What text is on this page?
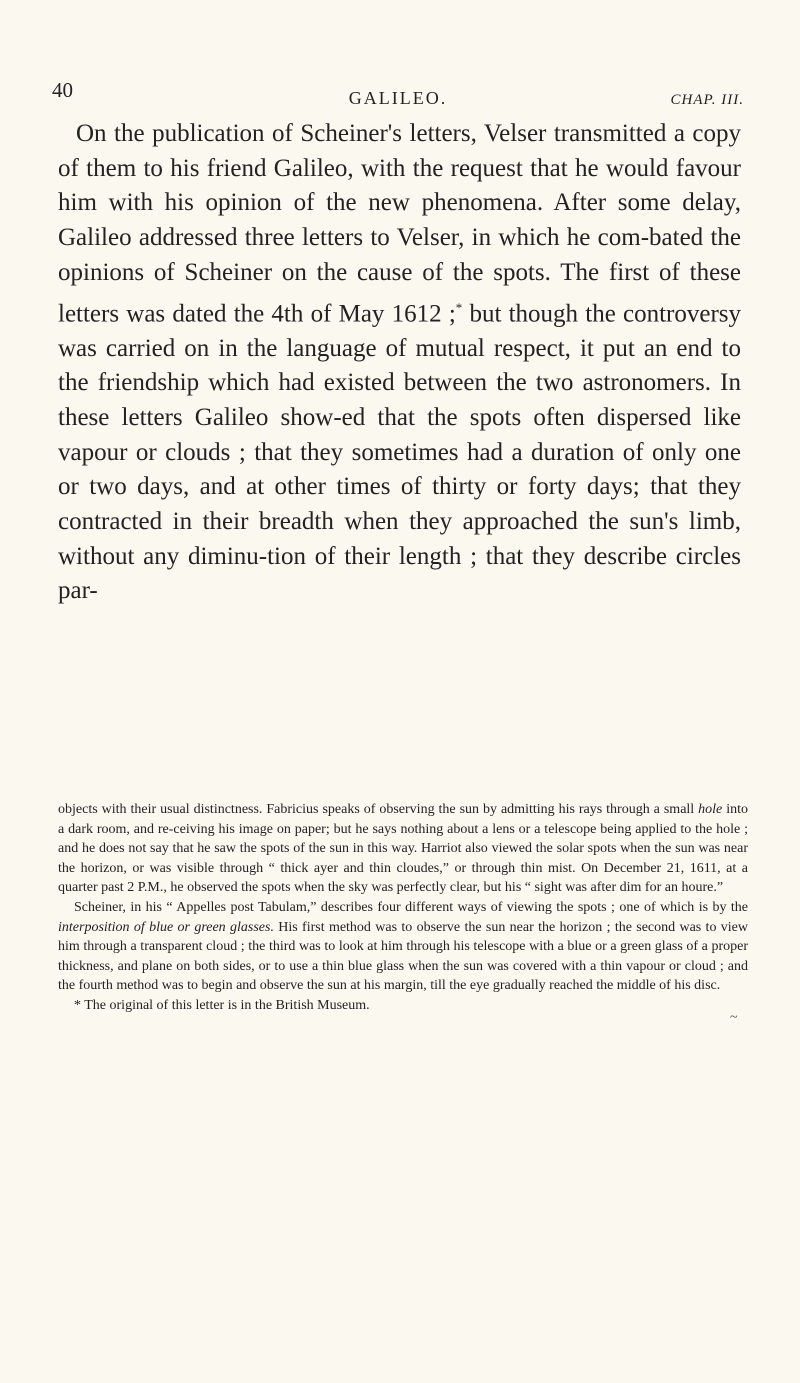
40	GALILEO.	CHAP. III.

On the publication of Scheiner's letters, Velser transmitted a copy of them to his friend Galileo, with the request that he would favour him with his opinion of the new phenomena. After some delay, Galileo addressed three letters to Velser, in which he com-bated the opinions of Scheiner on the cause of the spots. The first of these letters was dated the 4th of May 1612 ;* but though the controversy was carried on in the language of mutual respect, it put an end to the friendship which had existed between the two astronomers. In these letters Galileo show-ed that the spots often dispersed like vapour or clouds ; that they sometimes had a duration of only one or two days, and at other times of thirty or forty days; that they contracted in their breadth when they approached the sun's limb, without any diminu-tion of their length ; that they describe circles par-

objects with their usual distinctness. Fabricius speaks of observing the sun by admitting his rays through a small hole into a dark room, and re-ceiving his image on paper; but he says nothing about a lens or a telescope being applied to the hole ; and he does not say that he saw the spots of the sun in this way. Harriot also viewed the solar spots when the sun was near the horizon, or was visible through “ thick ayer and thin cloudes,” or through thin mist. On December 21, 1611, at a quarter past 2 P.M., he observed the spots when the sky was perfectly clear, but his “ sight was after dim for an houre.”

Scheiner, in his “ Appelles post Tabulam,” describes four different ways of viewing the spots ; one of which is by the interposition of blue or green glasses. His first method was to observe the sun near the horizon ; the second was to view him through a transparent cloud ; the third was to look at him through his telescope with a blue or a green glass of a proper thickness, and plane on both sides, or to use a thin blue glass when the sun was covered with a thin vapour or cloud ; and the fourth method was to begin and observe the sun at his margin, till the eye gradually reached the middle of his disc.

* The original of this letter is in the British Museum.

~
